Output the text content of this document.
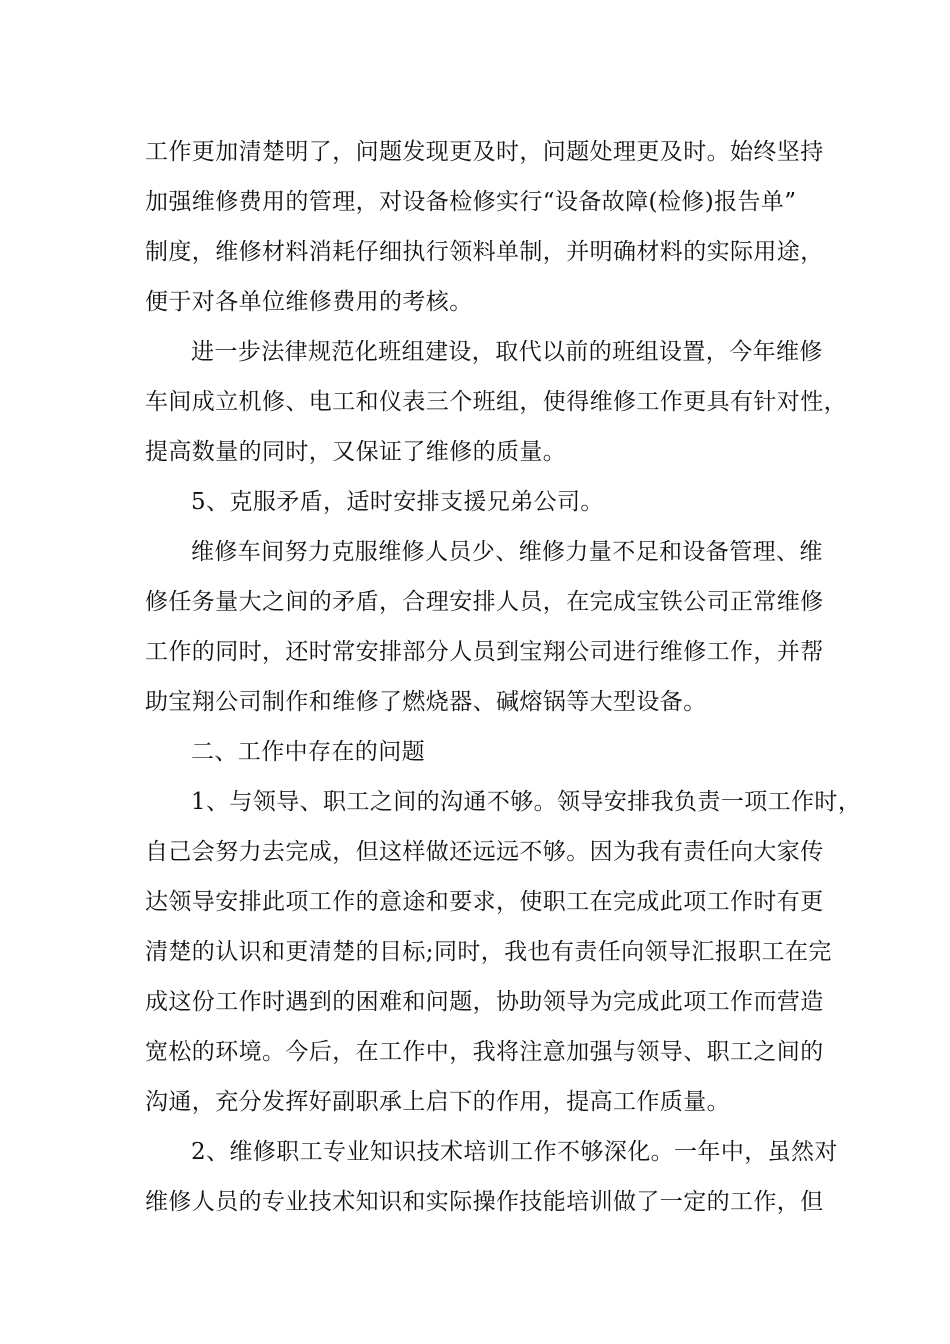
工作更加清楚明了，问题发现更及时，问题处理更及时。始终坚持
加强维修费用的管理，对设备检修实行“设备故障(检修)报告单”
制度，维修材料消耗仔细执行领料单制，并明确材料的实际用途，
便于对各单位维修费用的考核。

进一步法律规范化班组建设，取代以前的班组设置，今年维修
车间成立机修、电工和仪表三个班组，使得维修工作更具有针对性，
提高数量的同时，又保证了维修的质量。

5、克服矛盾，适时安排支援兄弟公司。

维修车间努力克服维修人员少、维修力量不足和设备管理、维
修任务量大之间的矛盾，合理安排人员，在完成宝铁公司正常维修
工作的同时，还时常安排部分人员到宝翔公司进行维修工作，并帮
助宝翔公司制作和维修了燃烧器、碱熔锅等大型设备。

二、工作中存在的问题

1、与领导、职工之间的沟通不够。领导安排我负责一项工作时，
自己会努力去完成，但这样做还远远不够。因为我有责任向大家传
达领导安排此项工作的意途和要求，使职工在完成此项工作时有更
清楚的认识和更清楚的目标;同时，我也有责任向领导汇报职工在完
成这份工作时遇到的困难和问题，协助领导为完成此项工作而营造
宽松的环境。今后，在工作中，我将注意加强与领导、职工之间的
沟通，充分发挥好副职承上启下的作用，提高工作质量。

2、维修职工专业知识技术培训工作不够深化。一年中，虽然对
维修人员的专业技术知识和实际操作技能培训做了一定的工作，但
